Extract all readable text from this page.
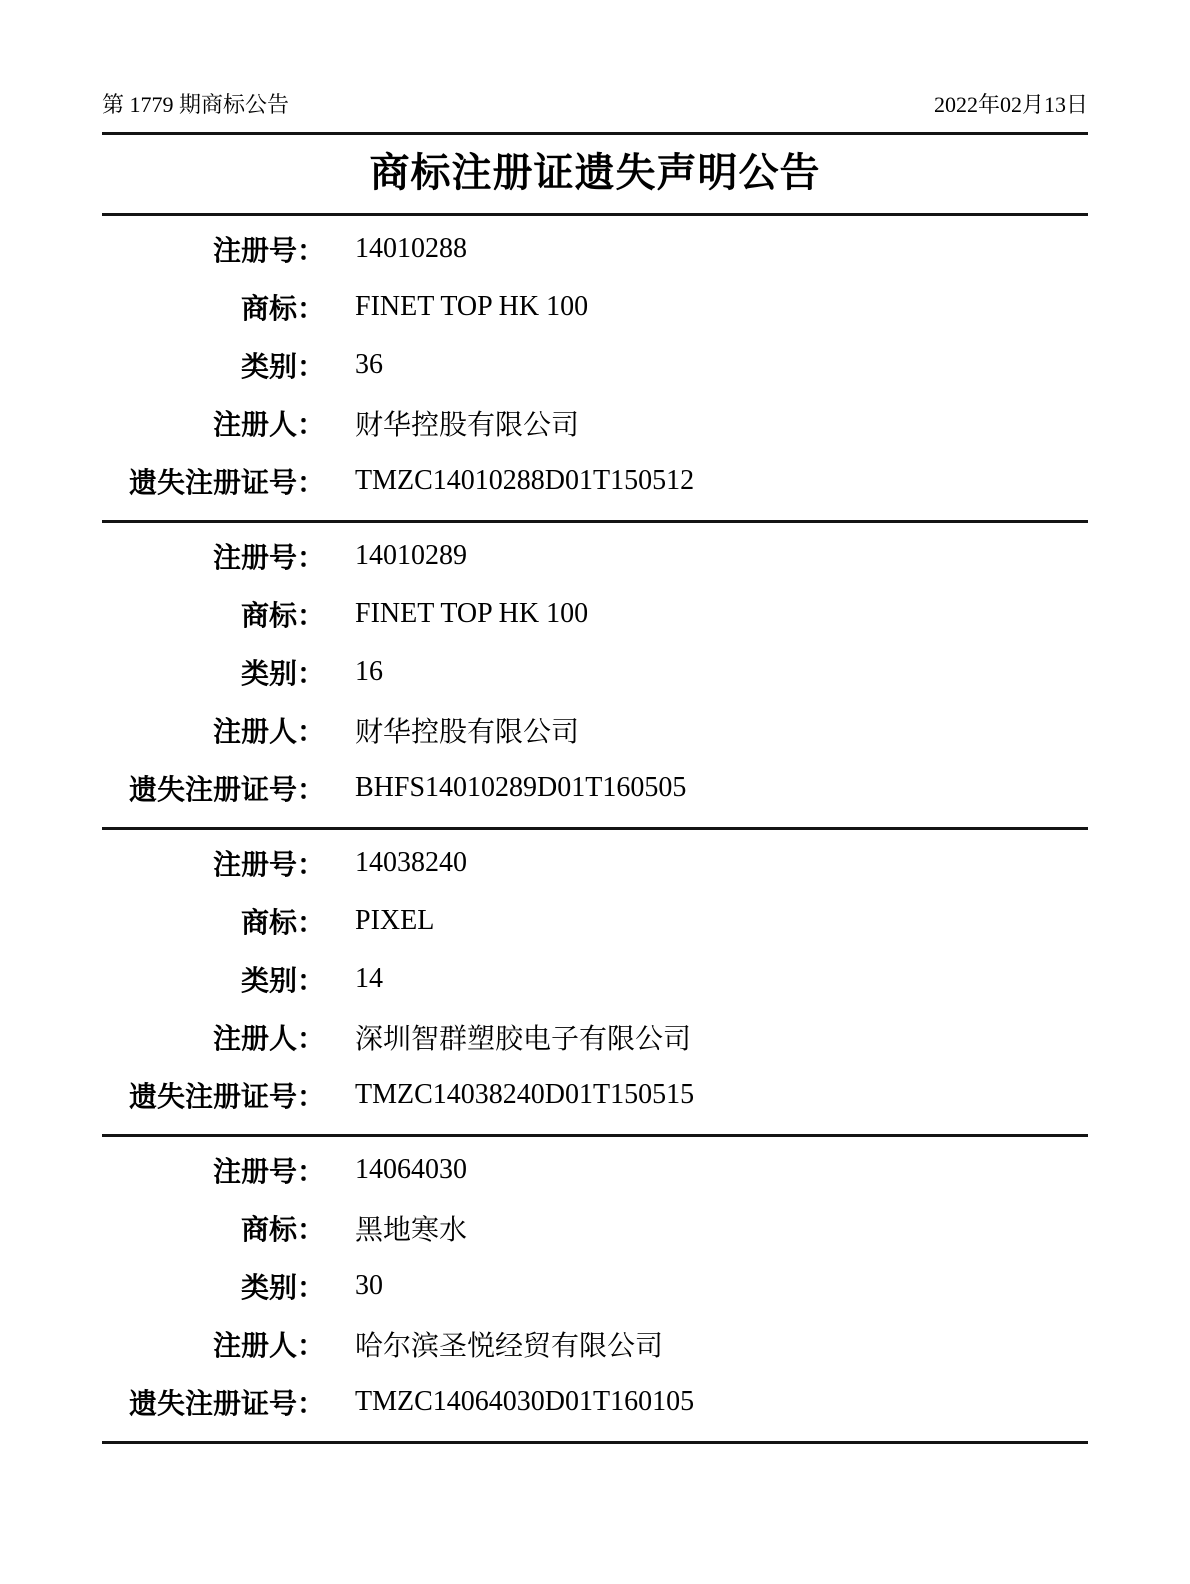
第 1779 期商标公告	2022年02月13日
商标注册证遗失声明公告
注册号： 14010288
商标： FINET TOP HK 100
类别： 36
注册人： 财华控股有限公司
遗失注册证号： TMZC14010288D01T150512
注册号： 14010289
商标： FINET TOP HK 100
类别： 16
注册人： 财华控股有限公司
遗失注册证号： BHFS14010289D01T160505
注册号： 14038240
商标： PIXEL
类别： 14
注册人： 深圳智群塑胶电子有限公司
遗失注册证号： TMZC14038240D01T150515
注册号： 14064030
商标： 黑地寒水
类别： 30
注册人： 哈尔滨圣悦经贸有限公司
遗失注册证号： TMZC14064030D01T160105
